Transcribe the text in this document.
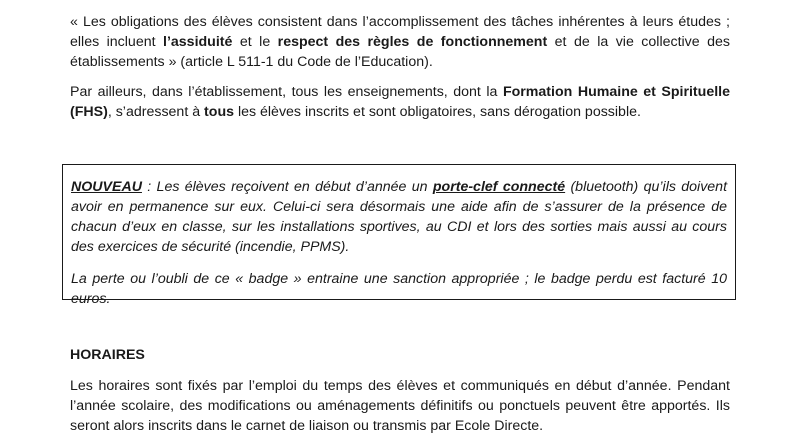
« Les obligations des élèves consistent dans l’accomplissement des tâches inhérentes à leurs études ; elles incluent l’assiduité et le respect des règles de fonctionnement et de la vie collective des établissements » (article L 511-1 du Code de l’Education).

Par ailleurs, dans l’établissement, tous les enseignements, dont la Formation Humaine et Spirituelle (FHS), s’adressent à tous les élèves inscrits et sont obligatoires, sans dérogation possible.

NOUVEAU : Les élèves reçoivent en début d’année un porte-clef connecté (bluetooth) qu’ils doivent avoir en permanence sur eux. Celui-ci sera désormais une aide afin de s’assurer de la présence de chacun d’eux en classe, sur les installations sportives, au CDI et lors des sorties mais aussi au cours des exercices de sécurité (incendie, PPMS).

La perte ou l’oubli de ce « badge » entraine une sanction appropriée ; le badge perdu est facturé 10 euros.

HORAIRES

Les horaires sont fixés par l’emploi du temps des élèves et communiqués en début d’année. Pendant l’année scolaire, des modifications ou aménagements définitifs ou ponctuels peuvent être apportés. Ils seront alors inscrits dans le carnet de liaison ou transmis par Ecole Directe.
